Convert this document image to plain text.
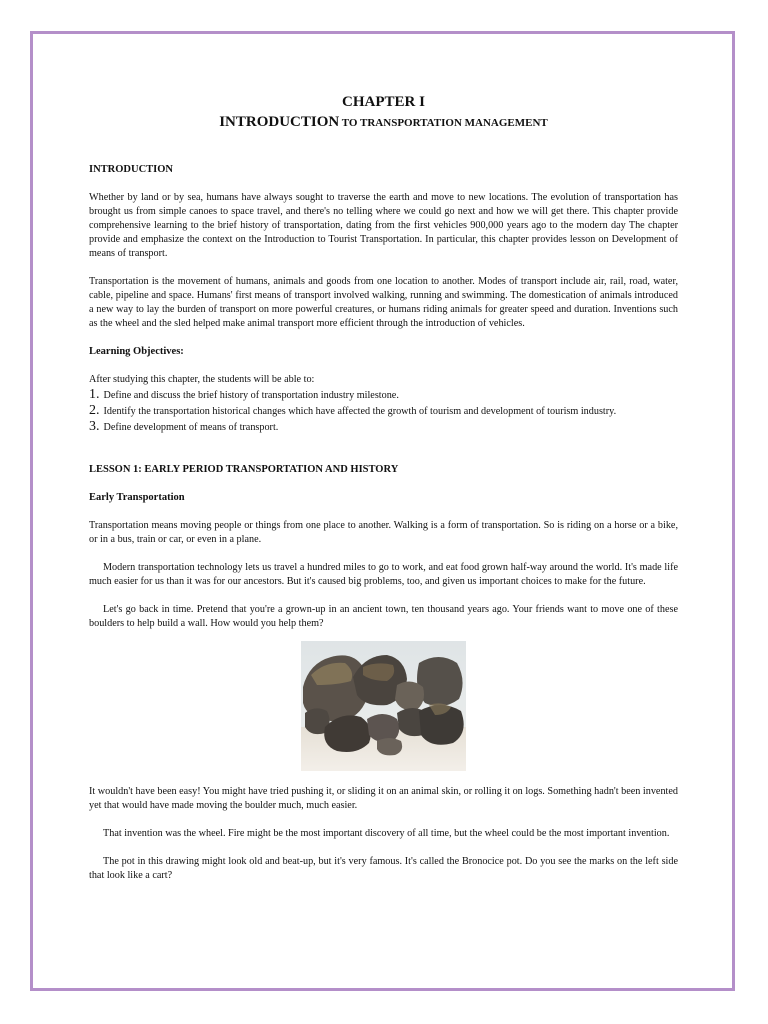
CHAPTER I
INTRODUCTION TO TRANSPORTATION MANAGEMENT
INTRODUCTION

Whether by land or by sea, humans have always sought to traverse the earth and move to new locations. The evolution of transportation has brought us from simple canoes to space travel, and there's no telling where we could go next and how we will get there. This chapter provide comprehensive learning to the brief history of transportation, dating from the first vehicles 900,000 years ago to the modern day The chapter provide and emphasize the context on the Introduction to Tourist Transportation. In particular, this chapter provides lesson on Development of means of transport.

Transportation is the movement of humans, animals and goods from one location to another. Modes of transport include air, rail, road, water, cable, pipeline and space. Humans' first means of transport involved walking, running and swimming. The domestication of animals introduced a new way to lay the burden of transport on more powerful creatures, or humans riding animals for greater speed and duration. Inventions such as the wheel and the sled helped make animal transport more efficient through the introduction of vehicles.

Learning Objectives:

After studying this chapter, the students will be able to:

1. Define and discuss the brief history of transportation industry milestone.
2. Identify the transportation historical changes which have affected the growth of tourism and development of tourism industry.
3. Define development of means of transport.
LESSON 1: EARLY PERIOD TRANSPORTATION AND HISTORY
Early Transportation

Transportation means moving people or things from one place to another. Walking is a form of transportation. So is riding on a horse or a bike, or in a bus, train or car, or even in a plane.

Modern transportation technology lets us travel a hundred miles to go to work, and eat food grown half-way around the world. It's made life much easier for us than it was for our ancestors. But it's caused big problems, too, and given us important choices to make for the future.

Let's go back in time. Pretend that you're a grown-up in an ancient town, ten thousand years ago. Your friends want to move one of these boulders to help build a wall. How would you help them?

It wouldn't have been easy! You might have tried pushing it, or sliding it on an animal skin, or rolling it on logs. Something hadn't been invented yet that would have made moving the boulder much, much easier.

That invention was the wheel. Fire might be the most important discovery of all time, but the wheel could be the most important invention.

The pot in this drawing might look old and beat-up, but it's very famous. It's called the Bronocice pot. Do you see the marks on the left side that look like a cart?
